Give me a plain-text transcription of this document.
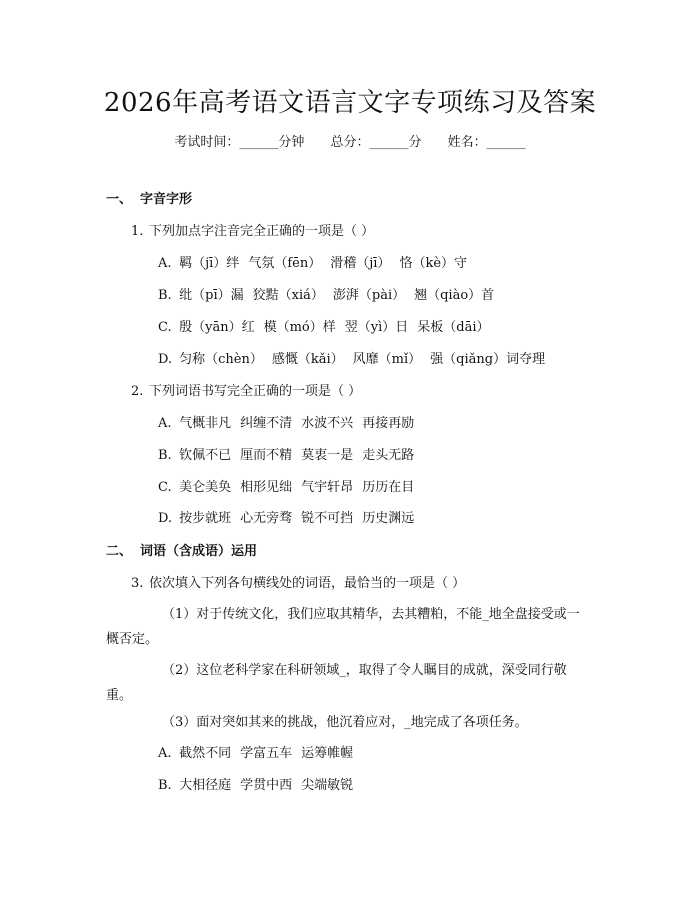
2026年高考语文语言文字专项练习及答案
考试时间：______分钟 总分：______分 姓名：______
一、 字音字形
1. 下列加点字注音完全正确的一项是（ ）
A. 羁（jī）绊 气氛（fēn） 滑稽（jī） 恪（kè）守
B. 纰（pī）漏 狡黠（xiá） 澎湃（pài） 翘（qiào）首
C. 殷（yān）红 模（mó）样 翌（yì）日 呆板（dāi）
D. 匀称（chèn） 感慨（kǎi） 风靡（mǐ） 强（qiǎng）词夺理
2. 下列词语书写完全正确的一项是（ ）
A. 气概非凡 纠缠不清 水波不兴 再接再励
B. 钦佩不已 厘而不精 莫衷一是 走头无路
C. 美仑美奂 相形见绌 气宇轩昂 历历在目
D. 按步就班 心无旁骛 锐不可挡 历史渊远
二、 词语（含成语）运用
3. 依次填入下列各句横线处的词语，最恰当的一项是（ ）
（1）对于传统文化，我们应取其精华，去其糟粕，不能_地全盘接受或一
概否定。
（2）这位老科学家在科研领域_，取得了令人瞩目的成就，深受同行敬
重。
（3）面对突如其来的挑战，他沉着应对，_地完成了各项任务。
A. 截然不同 学富五车 运筹帷幄
B. 大相径庭 学贯中西 尖端敏锐
